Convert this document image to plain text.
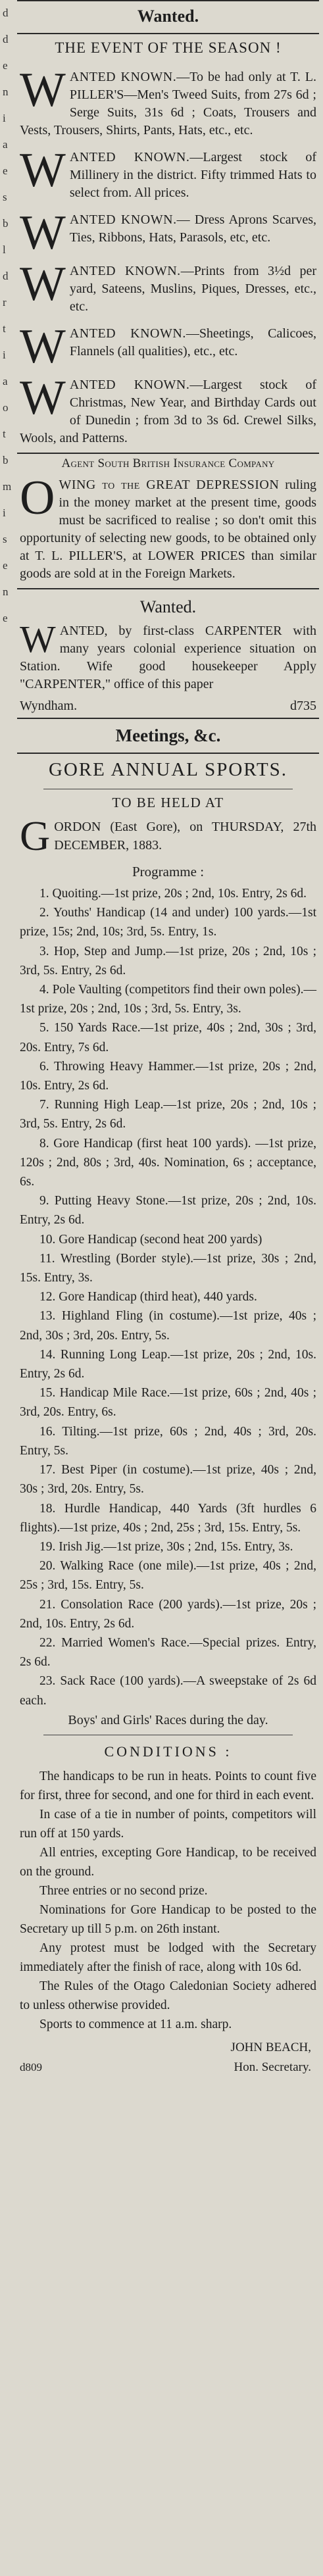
d
d
e
n
i
a
e
s
b
l
d
r
t
i
a
o
t
b
m
i
s
e
n
e
Wanted.
THE EVENT OF THE SEASON !
WANTED KNOWN.—To be had only at T. L. PILLER'S—Men's Tweed Suits, from 27s 6d ; Serge Suits, 31s 6d ; Coats, Trousers and Vests, Trousers, Shirts, Pants, Hats, etc., etc.
WANTED KNOWN.—Largest stock of Millinery in the district. Fifty trimmed Hats to select from. All prices.
WANTED KNOWN.— Dress Aprons Scarves, Ties, Ribbons, Hats, Parasols, etc, etc.
WANTED KNOWN.—Prints from 3½d per yard, Sateens, Muslins, Piques, Dresses, etc., etc.
WANTED KNOWN.—Sheetings, Calicoes, Flannels (all qualities), etc., etc.
WANTED KNOWN.—Largest stock of Christmas, New Year, and Birthday Cards out of Dunedin ; from 3d to 3s 6d. Crewel Silks, Wools, and Patterns.
Agent South British Insurance Company
O WING to the GREAT DEPRESSION ruling in the money market at the present time, goods must be sacrificed to realise ; so don't omit this opportunity of selecting new goods, to be obtained only at T. L. PILLER'S, at LOWER PRICES than similar goods are sold at in the Foreign Markets.
Wanted.
W ANTED, by first-class CARPENTER with many years colonial experience situation on Station. Wife good housekeeper Apply "CARPENTER," office of this paper
Wyndham.	d735
Meetings, &c.
GORE ANNUAL SPORTS.
TO BE HELD AT
G ORDON (East Gore), on THURSDAY, 27th DECEMBER, 1883.
Programme :
1. Quoiting.—1st prize, 20s ; 2nd, 10s. Entry, 2s 6d.
2. Youths' Handicap (14 and under) 100 yards.—1st prize, 15s; 2nd, 10s; 3rd, 5s. Entry, 1s.
3. Hop, Step and Jump.—1st prize, 20s ; 2nd, 10s ; 3rd, 5s. Entry, 2s 6d.
4. Pole Vaulting (competitors find their own poles).—1st prize, 20s ; 2nd, 10s ; 3rd, 5s. Entry, 3s.
5. 150 Yards Race.—1st prize, 40s ; 2nd, 30s ; 3rd, 20s. Entry, 7s 6d.
6. Throwing Heavy Hammer.—1st prize, 20s ; 2nd, 10s. Entry, 2s 6d.
7. Running High Leap.—1st prize, 20s ; 2nd, 10s ; 3rd, 5s. Entry, 2s 6d.
8. Gore Handicap (first heat 100 yards). —1st prize, 120s ; 2nd, 80s ; 3rd, 40s. Nomination, 6s ; acceptance, 6s.
9. Putting Heavy Stone.—1st prize, 20s ; 2nd, 10s. Entry, 2s 6d.
10. Gore Handicap (second heat 200 yards)
11. Wrestling (Border style).—1st prize, 30s ; 2nd, 15s. Entry, 3s.
12. Gore Handicap (third heat), 440 yards.
13. Highland Fling (in costume).—1st prize, 40s ; 2nd, 30s ; 3rd, 20s. Entry, 5s.
14. Running Long Leap.—1st prize, 20s ; 2nd, 10s. Entry, 2s 6d.
15. Handicap Mile Race.—1st prize, 60s ; 2nd, 40s ; 3rd, 20s. Entry, 6s.
16. Tilting.—1st prize, 60s ; 2nd, 40s ; 3rd, 20s. Entry, 5s.
17. Best Piper (in costume).—1st prize, 40s ; 2nd, 30s ; 3rd, 20s. Entry, 5s.
18. Hurdle Handicap, 440 Yards (3ft hurdles 6 flights).—1st prize, 40s ; 2nd, 25s ; 3rd, 15s. Entry, 5s.
19. Irish Jig.—1st prize, 30s ; 2nd, 15s. Entry, 3s.
20. Walking Race (one mile).—1st prize, 40s ; 2nd, 25s ; 3rd, 15s. Entry, 5s.
21. Consolation Race (200 yards).—1st prize, 20s ; 2nd, 10s. Entry, 2s 6d.
22. Married Women's Race.—Special prizes. Entry, 2s 6d.
23. Sack Race (100 yards).—A sweepstake of 2s 6d each.
Boys' and Girls' Races during the day.
CONDITIONS :

The handicaps to be run in heats. Points to count five for first, three for second, and one for third in each event.

In case of a tie in number of points, competitors will run off at 150 yards.

All entries, excepting Gore Handicap, to be received on the ground.

Three entries or no second prize.

Nominations for Gore Handicap to be posted to the Secretary up till 5 p.m. on 26th instant.

Any protest must be lodged with the Secretary immediately after the finish of race, along with 10s 6d.

The Rules of the Otago Caledonian Society adhered to unless otherwise provided.

Sports to commence at 11 a.m. sharp.

JOHN BEACH,
d809	Hon. Secretary.
